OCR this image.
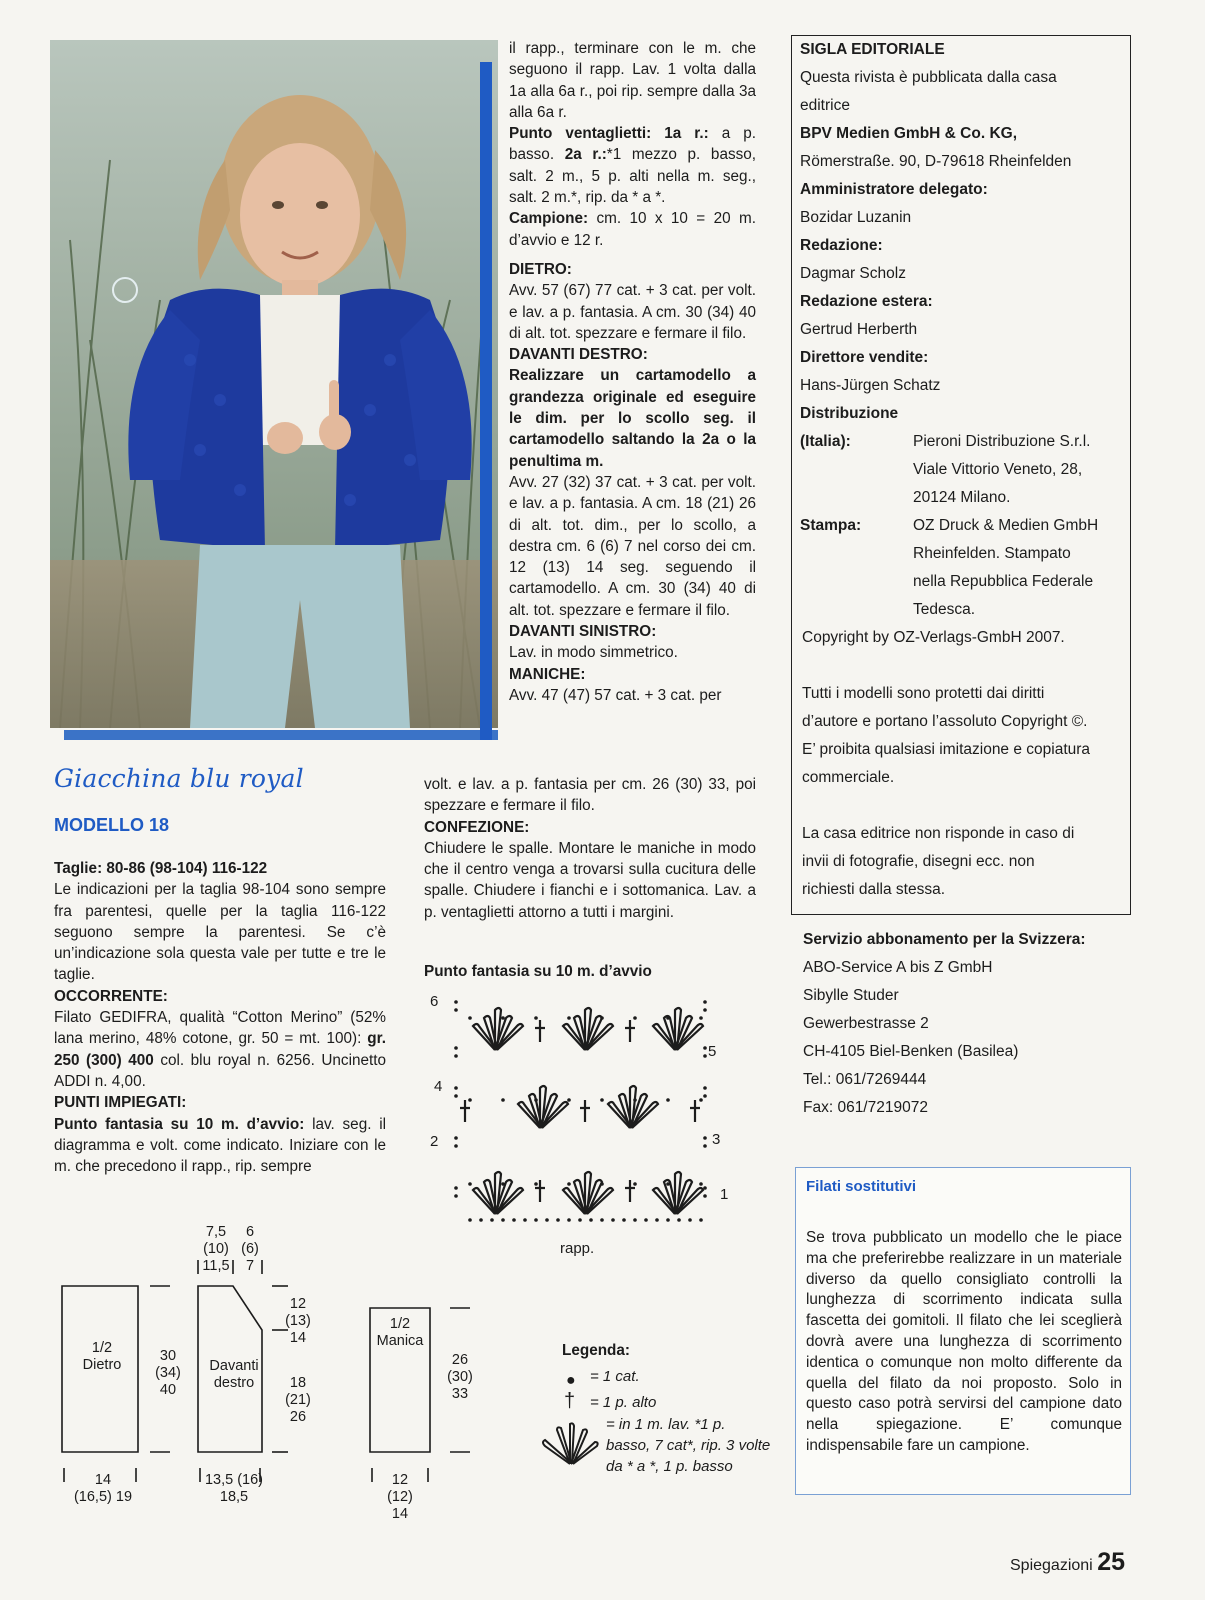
Giacchina blu royal
MODELLO 18

Taglie: 80-86 (98-104) 116-122

Le indicazioni per la taglia 98-104 sono sempre fra parentesi, quelle per la taglia 116-122 seguono sempre la parentesi. Se c’è un’indicazione sola questa vale per tutte e tre le taglie.

OCCORRENTE:

Filato GEDIFRA, qualità “Cotton Merino” (52% lana merino, 48% cotone, gr. 50 = mt. 100): gr. 250 (300) 400 col. blu royal n. 6256. Uncinetto ADDI n. 4,00.

PUNTI IMPIEGATI:

Punto fantasia su 10 m. d’avvio: lav. seg. il diagramma e volt. come indicato. Iniziare con le m. che precedono il rapp., rip. sempre

il rapp., terminare con le m. che seguono il rapp. Lav. 1 volta dalla 1a alla 6a r., poi rip. sempre dalla 3a alla 6a r.

Punto ventaglietti: 1a r.: a p. basso. 2a r.:*1 mezzo p. basso, salt. 2 m., 5 p. alti nella m. seg., salt. 2 m.*, rip. da * a *.

Campione: cm. 10 x 10 = 20 m. d’avvio e 12 r.

DIETRO:

Avv. 57 (67) 77 cat. + 3 cat. per volt. e lav. a p. fantasia. A cm. 30 (34) 40 di alt. tot. spezzare e fermare il filo.

DAVANTI DESTRO:

Realizzare un cartamodello a grandezza originale ed eseguire le dim. per lo scollo seg. il cartamodello saltando la 2a o la penultima m.

Avv. 27 (32) 37 cat. + 3 cat. per volt. e lav. a p. fantasia. A cm. 18 (21) 26 di alt. tot. dim., per lo scollo, a destra cm. 6 (6) 7 nel corso dei cm. 12 (13) 14 seg. seguendo il cartamodello. A cm. 30 (34) 40 di alt. tot. spezzare e fermare il filo.

DAVANTI SINISTRO:

Lav. in modo simmetrico.

MANICHE:

Avv. 47 (47) 57 cat. + 3 cat. per

volt. e lav. a p. fantasia per cm. 26 (30) 33, poi spezzare e fermare il filo.

CONFEZIONE:

Chiudere le spalle. Montare le maniche in modo che il centro venga a trovarsi sulla cucitura delle spalle. Chiudere i fianchi e i sottomanica. Lav. a p. ventaglietti attorno a tutti i margini.

Punto fantasia su 10 m. d’avvio
6
5
4
3
2
1
rapp.
1/2
Dietro
30
(34)
40
14
(16,5) 19
7,5
(10)
11,5
6
(6)
7
Davanti
destro
12
(13)
14
18
(21)
26
13,5 (16)
18,5
1/2
Manica
26
(30)
33
12
(12)
14
Legenda:
● = 1 cat.
† = 1 p. alto
= in 1 m. lav. *1 p. basso, 7 cat*, rip. 3 volte da * a *, 1 p. basso
SIGLA EDITORIALE
Questa rivista è pubblicata dalla casa editrice
BPV Medien GmbH & Co. KG,
Römerstraße. 90, D-79618 Rheinfelden
Amministratore delegato:
Bozidar Luzanin
Redazione:
Dagmar Scholz
Redazione estera:
Gertrud Herberth
Direttore vendite:
Hans-Jürgen Schatz
Distribuzione
(Italia):	Pieroni Distribuzione S.r.l.
Viale Vittorio Veneto, 28,
20124 Milano.
Stampa:	OZ Druck & Medien GmbH
Rheinfelden. Stampato
nella Repubblica Federale
Tedesca.
Copyright by OZ-Verlags-GmbH 2007.
Tutti i modelli sono protetti dai diritti
d’autore e portano l’assoluto Copyright ©.
E’ proibita qualsiasi imitazione e copiatura
commerciale.
La casa editrice non risponde in caso di
invii di fotografie, disegni ecc. non
richiesti dalla stessa.
Servizio abbonamento per la Svizzera:
ABO-Service A bis Z GmbH
Sibylle Studer
Gewerbestrasse 2
CH-4105 Biel-Benken (Basilea)
Tel.: 061/7269444
Fax: 061/7219072
Filati sostitutivi
Se trova pubblicato un modello che le piace ma che preferirebbe realizzare in un materiale diverso da quello consigliato controlli la lunghezza di scorrimento indicata sulla fascetta dei gomitoli. Il filato che lei sceglierà dovrà avere una lunghezza di scorrimento identica o comunque non molto differente da quella del filato da noi proposto. Solo in questo caso potrà servirsi del campione dato nella spiegazione. E’ comunque indispensabile fare un campione.
Spiegazioni 25
